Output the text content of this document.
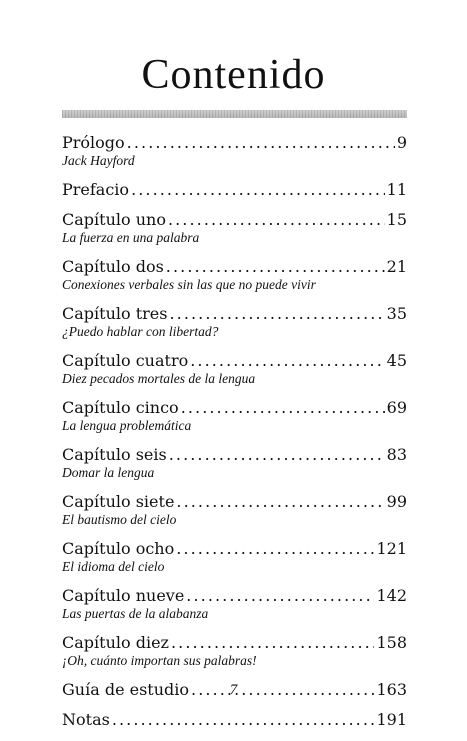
Contenido
Prólogo . . .	9
Jack Hayford
Prefacio . . .	11
Capítulo uno . . .	15
La fuerza en una palabra
Capítulo dos . . .	21
Conexiones verbales sin las que no puede vivir
Capítulo tres . . .	35
¿Puedo hablar con libertad?
Capítulo cuatro . . .	45
Diez pecados mortales de la lengua
Capítulo cinco . . .	69
La lengua problemática
Capítulo seis . . .	83
Domar la lengua
Capítulo siete . . .	99
El bautismo del cielo
Capítulo ocho . . .	121
El idioma del cielo
Capítulo nueve . . .	142
Las puertas de la alabanza
Capítulo diez . . .	158
¡Oh, cuánto importan sus palabras!
Guía de estudio . . .	163
Notas . . .	191
7
